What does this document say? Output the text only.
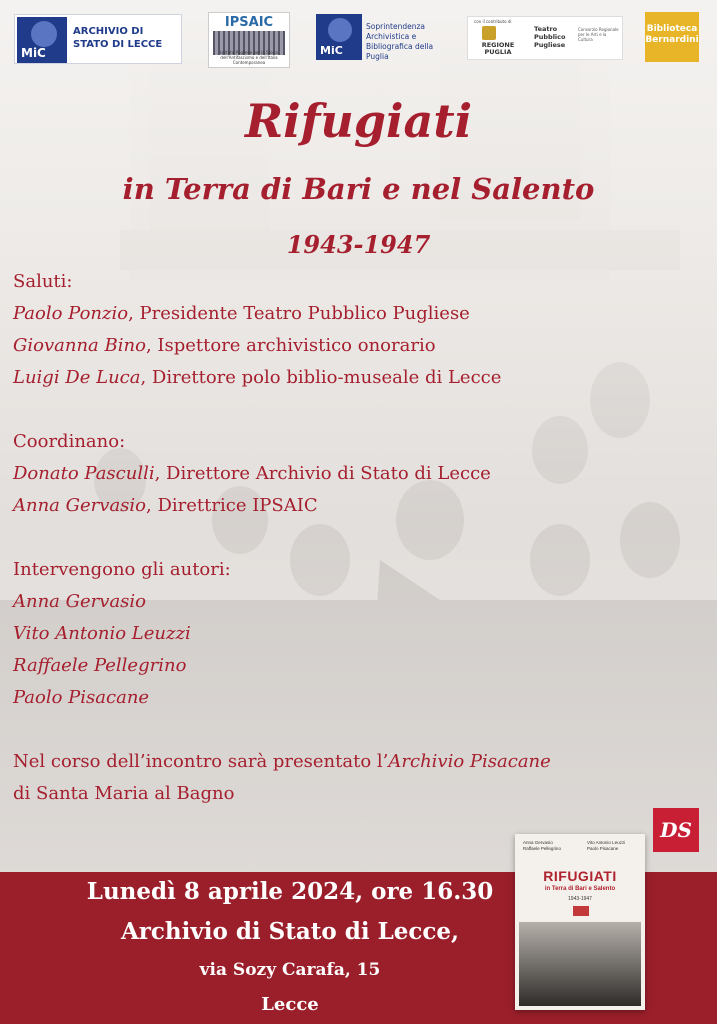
MiC
ARCHIVIO DI STATO DI LECCE
IPSAIC
Istituto Pugliese per la Storia dell'Antifascismo e dell'Italia Contemporanea
MiC
Soprintendenza Archivistica e Bibliografica della Puglia
con il contributo di
REGIONE PUGLIA
Teatro Pubblico Pugliese
Consorzio Regionale per le Arti e la Cultura
Biblioteca Bernardini
Rifugiati
in Terra di Bari e nel Salento
1943-1947
Saluti:
Paolo Ponzio, Presidente Teatro Pubblico Pugliese
Giovanna Bino, Ispettore archivistico onorario
Luigi De Luca, Direttore polo biblio-museale di Lecce
Coordinano:
Donato Pasculli, Direttore Archivio di Stato di Lecce
Anna Gervasio, Direttrice IPSAIC
Intervengono gli autori:
Anna Gervasio
Vito Antonio Leuzzi
Raffaele Pellegrino
Paolo Pisacane
Nel corso dell’incontro sarà presentato l’Archivio Pisacane
di Santa Maria al Bagno
DS
Lunedì 8 aprile 2024, ore 16.30
Archivio di Stato di Lecce,
via Sozy Carafa, 15
Lecce
Anna Gervasio
Raffaele Pellegrino
Vito Antonio Leuzzi
Paolo Pisacane
RIFUGIATI
in Terra di Bari e Salento
1943-1947
